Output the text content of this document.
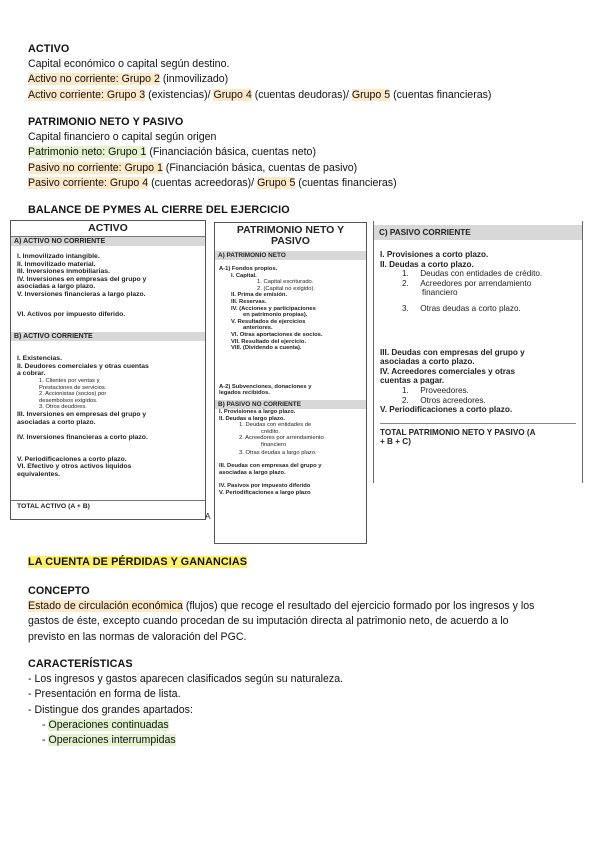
ACTIVO
Capital económico o capital según destino.
Activo no corriente: Grupo 2 (inmovilizado)
Activo corriente: Grupo 3 (existencias)/ Grupo 4 (cuentas deudoras)/ Grupo 5 (cuentas financieras)
PATRIMONIO NETO Y PASIVO
Capital financiero o capital según origen
Patrimonio neto: Grupo 1 (Financiación básica, cuentas neto)
Pasivo no corriente: Grupo 1 (Financiación básica, cuentas de pasivo)
Pasivo corriente: Grupo 4 (cuentas acreedoras)/ Grupo 5 (cuentas financieras)
BALANCE DE PYMES AL CIERRE DEL EJERCICIO
ACTIVO
A) ACTIVO NO CORRIENTE
I. Inmovilizado intangible.
II. Inmovilizado material.
III. Inversiones inmobiliarias.
IV. Inversiones en empresas del grupo y
asociadas a largo plazo.
V. Inversiones financieras a largo plazo.
VI. Activos por impuesto diferido.
B) ACTIVO CORRIENTE
I. Existencias.
II. Deudores comerciales y otras cuentas
a cobrar.
1. Clientes por ventas y
Prestaciones de servicios.
2. Accionistas (socios) por
desembolsos exigidos.
3. Otros deudores.
III. Inversiones en empresas del grupo y
asociadas a corto plazo.
IV. Inversiones financieras a corto plazo.
V. Periodificaciones a corto plazo.
VI. Efectivo y otros activos líquidos
equivalentes.
TOTAL ACTIVO (A + B)
A
PATRIMONIO NETO Y
PASIVO
A) PATRIMONIO NETO
A-1) Fondos propios.
I. Capital.
1. Capital escriturado.
2. (Capital no exigido).
II. Prima de emisión.
III. Reservas.
IV. (Acciones y participaciones
en patrimonio propias).
V. Resultados de ejercicios
anteriores.
VI. Otras aportaciones de socios.
VII. Resultado del ejercicio.
VIII. (Dividendo a cuenta).
A-2) Subvenciones, donaciones y
legados recibidos.
B) PASIVO NO CORRIENTE
I. Provisiones a largo plazo.
II. Deudas a largo plazo.
1. Deudas con entidades de
crédito.
2. Acreedores por arrendamiento
financiero
3. Otras deudas a largo plazo.
III. Deudas con empresas del grupo y
asociadas a largo plazo.
IV. Pasivos por impuesto diferido
V. Periodificaciones a largo plazo
C) PASIVO CORRIENTE
I. Provisiones a corto plazo.
II. Deudas a corto plazo.
1. Deudas con entidades de crédito.
2. Acreedores por arrendamiento
financiero
3. Otras deudas a corto plazo.
III. Deudas con empresas del grupo y
asociadas a corto plazo.
IV. Acreedores comerciales y otras
cuentas a pagar.
1. Proveedores.
2. Otros acreedores.
V. Periodificaciones a corto plazo.
TOTAL PATRIMONIO NETO Y PASIVO (A
+ B + C)
LA CUENTA DE PÉRDIDAS Y GANANCIAS
CONCEPTO
Estado de circulación económica (flujos) que recoge el resultado del ejercicio formado por los ingresos y los
gastos de éste, excepto cuando procedan de su imputación directa al patrimonio neto, de acuerdo a lo
previsto en las normas de valoración del PGC.
CARACTERÍSTICAS
- Los ingresos y gastos aparecen clasificados según su naturaleza.
- Presentación en forma de lista.
- Distingue dos grandes apartados:
- Operaciones continuadas
- Operaciones interrumpidas
